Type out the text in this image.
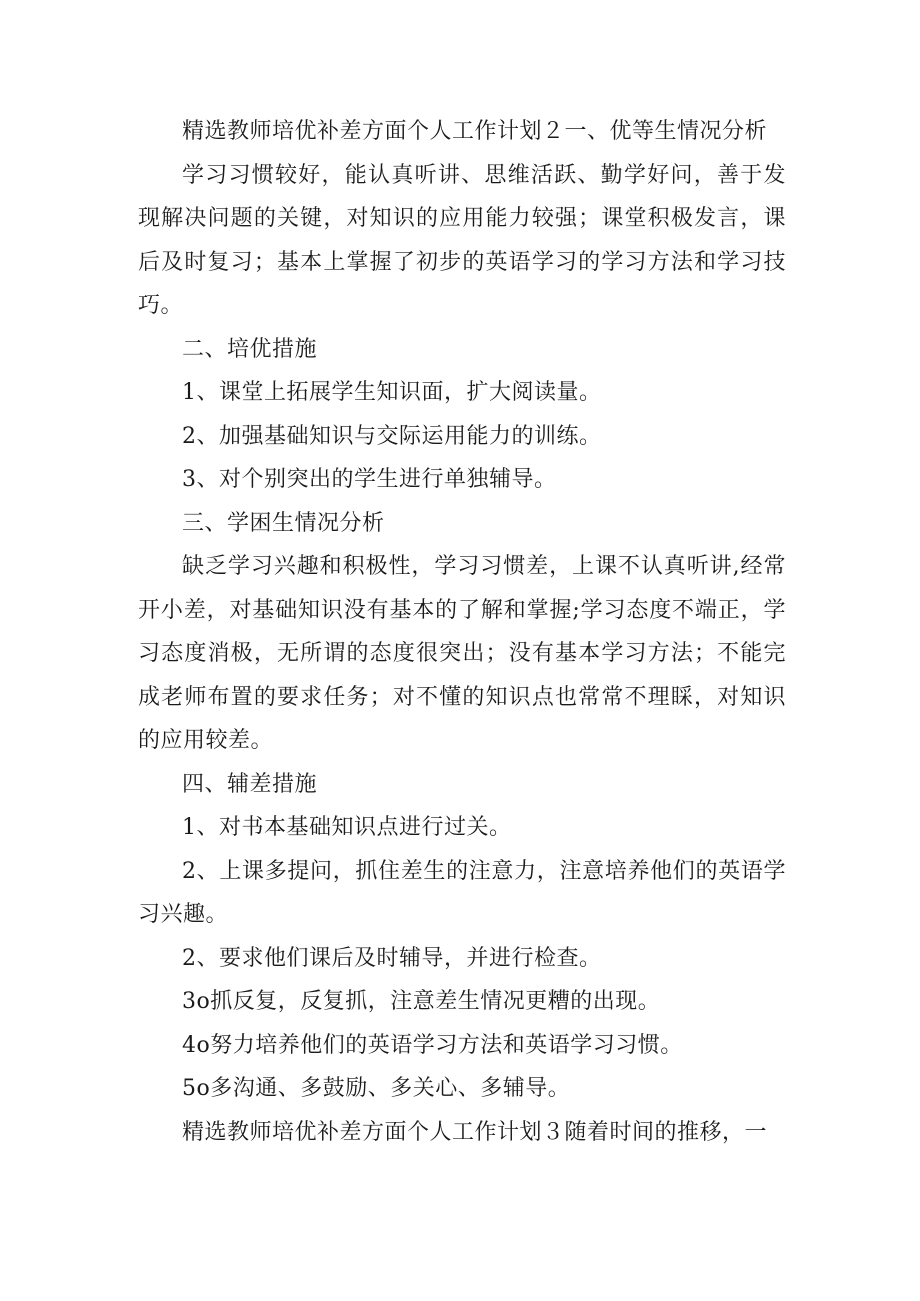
精选教师培优补差方面个人工作计划２一、优等生情况分析

学习习惯较好，能认真听讲、思维活跃、勤学好问，善于发现解决问题的关键，对知识的应用能力较强；课堂积极发言，课后及时复习；基本上掌握了初步的英语学习的学习方法和学习技巧。

二、培优措施

1、课堂上拓展学生知识面，扩大阅读量。

2、加强基础知识与交际运用能力的训练。

3、对个别突出的学生进行单独辅导。

三、学困生情况分析

缺乏学习兴趣和积极性，学习习惯差，上课不认真听讲,经常开小差，对基础知识没有基本的了解和掌握;学习态度不端正，学习态度消极，无所谓的态度很突出；没有基本学习方法；不能完成老师布置的要求任务；对不懂的知识点也常常不理睬，对知识的应用较差。

四、辅差措施

1、对书本基础知识点进行过关。

2、上课多提问，抓住差生的注意力，注意培养他们的英语学习兴趣。

2、要求他们课后及时辅导，并进行检查。

3o抓反复，反复抓，注意差生情况更糟的出现。

4o努力培养他们的英语学习方法和英语学习习惯。

5o多沟通、多鼓励、多关心、多辅导。

精选教师培优补差方面个人工作计划３随着时间的推移，一
